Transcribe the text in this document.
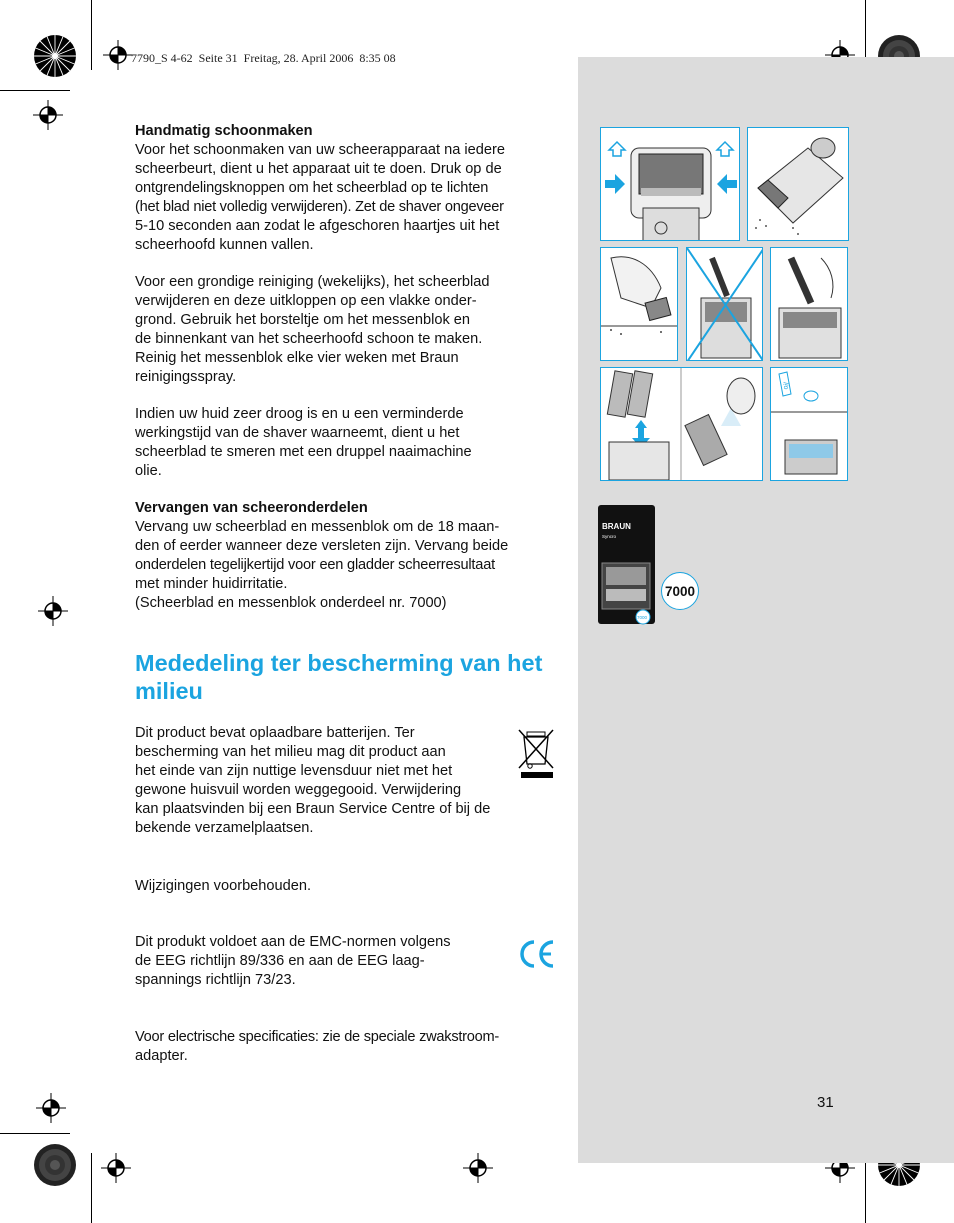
7790_S 4-62  Seite 31  Freitag, 28. April 2006  8:35 08
oil
BRAUN
Syncro
7000
7000

Handmatig schoonmaken

Voor het schoonmaken van uw scheerapparaat na iedere

scheerbeurt, dient u het apparaat uit te doen. Druk op de

ontgrendelingsknoppen om het scheerblad op te lichten

(het blad niet volledig verwijderen). Zet de shaver ongeveer

5-10 seconden aan zodat le afgeschoren haartjes uit het

scheerhoofd kunnen vallen.

Voor een grondige reiniging (wekelijks), het scheerblad

verwijderen en deze uitkloppen op een vlakke onder-

grond. Gebruik het borsteltje om het messenblok en

de binnenkant van het scheerhoofd schoon te maken.

Reinig het messenblok elke vier weken met Braun

reinigingsspray.

Indien uw huid zeer droog is en u een verminderde

werkingstijd van de shaver waarneemt, dient u het

scheerblad te smeren met een druppel naaimachine

olie.

Vervangen van scheeronderdelen

Vervang uw scheerblad en messenblok om de 18 maan-

den of eerder wanneer deze versleten zijn. Vervang beide

onderdelen tegelijkertijd voor een gladder scheerresultaat

met minder huidirritatie.

(Scheerblad en messenblok onderdeel nr. 7000)

Mededeling ter bescherming van het milieu

Dit product bevat oplaadbare batterijen. Ter

bescherming van het milieu mag dit product aan

het einde van zijn nuttige levensduur niet met het

gewone huisvuil worden weggegooid. Verwijdering

kan plaatsvinden bij een Braun Service Centre of bij de

bekende verzamelplaatsen.

Wijzigingen voorbehouden.

Dit produkt voldoet aan de EMC-normen volgens

de EEG richtlijn 89/336 en aan de EEG laag-

spannings richtlijn 73/23.

Voor electrische specificaties: zie de speciale zwakstroom-

adapter.

31
